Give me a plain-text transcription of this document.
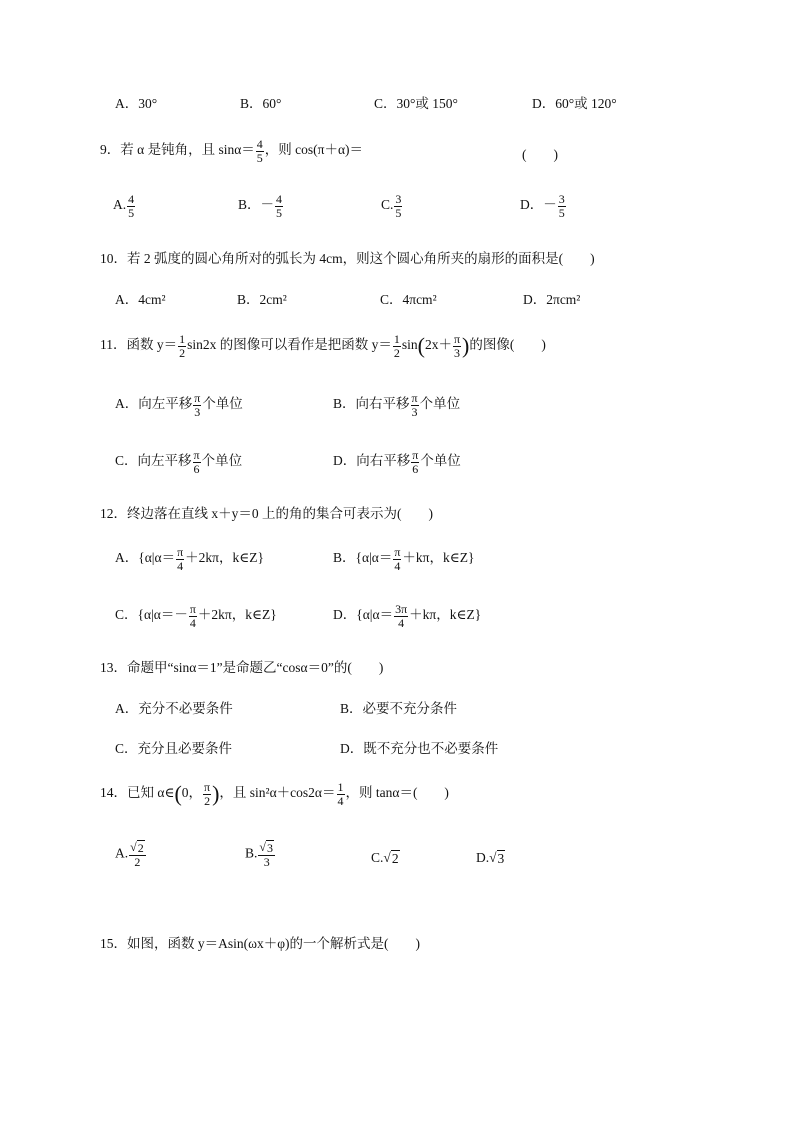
A．30°	B．60°	C．30°或 150°	D．60°或 120°
9．若 α 是钝角，且 $\sin\alpha= \frac{4}{5}$ ，则 cos(π＋α)＝	(　　)
A. $\frac{4}{5}$	B．－ $\frac{4}{5}$	C. $\frac{3}{5}$	D．－ $\frac{3}{5}$
10．若 2 弧度的圆心角所对的弧长为 4cm，则这个圆心角所夹的扇形的面积是(　　)
A．4cm²	B．2cm²	C．4πcm²	D．2πcm²
11．函数 $y= \frac{1}{2} \sin 2x$ 的图像可以看作是把函数 $y= \frac{1}{2} \sin(2x+ \frac{\pi}{3}$ )的图像(　　)
A．向左平移 $\frac{\pi}{3}$ 个单位	B．向右平移 $\frac{\pi}{3}$ 个单位
C．向左平移 $\frac{\pi}{6}$ 个单位	D．向右平移 $\frac{\pi}{6}$ 个单位
12．终边落在直线 x＋y＝0 上的角的集合可表示为(　　)
A．{$\alpha|\alpha= \frac{\pi}{4} +2k\pi$，k∈Z}	B．{$\alpha|\alpha= \frac{\pi}{4} +k\pi$，k∈Z}
C．{$\alpha|\alpha=- \frac{\pi}{4} +2k\pi$，k∈Z}	D．{$\alpha|\alpha= \frac{3\pi}{4} +k\pi$，k∈Z}
13．命题甲“sinα＝1”是命题乙“cosα＝0”的(　　)
A．充分不必要条件	B．必要不充分条件
C．充分且必要条件	D．既不充分也不必要条件
14．已知 α∈(0， $\frac{\pi}{2}$ )，且 $\sin^2\alpha+\cos 2\alpha= \frac{1}{4}$ ，则 tanα＝(　　)
A. $\frac{√2}{2}$	B. $\frac{√3}{3}$	C.√2	D.√3
15．如图，函数 y＝Asin(ωx＋φ)的一个解析式是(　　)
